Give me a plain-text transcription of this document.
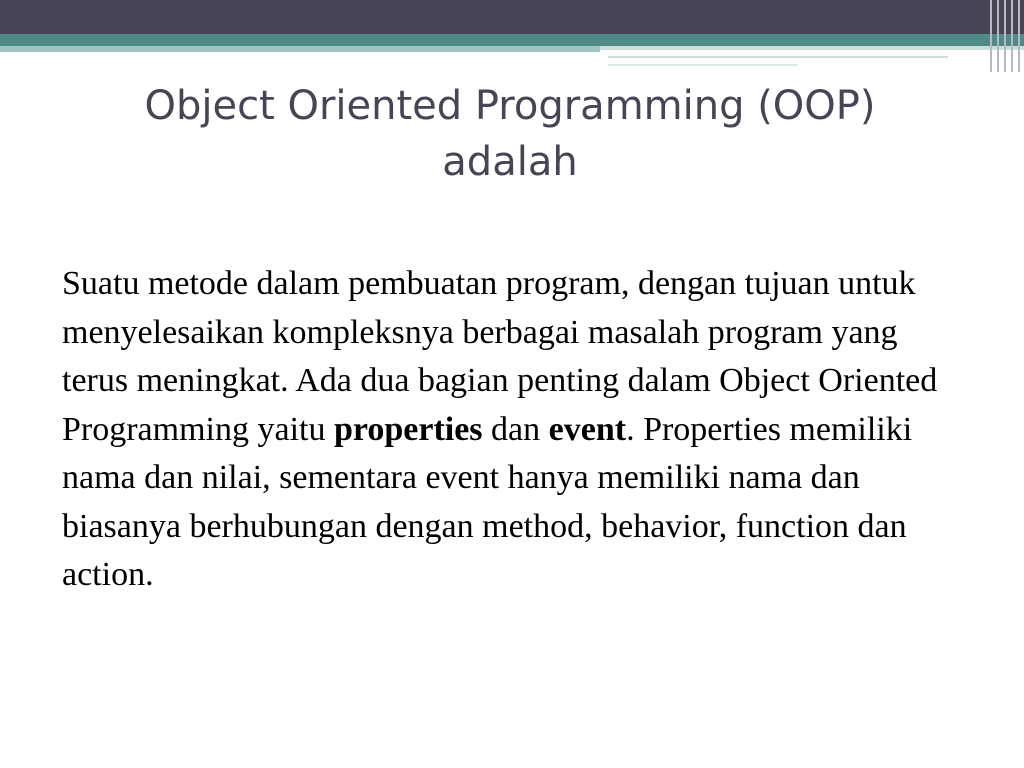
Object Oriented Programming (OOP)
adalah
Suatu metode dalam pembuatan program, dengan tujuan untuk menyelesaikan kompleksnya berbagai masalah program yang terus meningkat. Ada dua bagian penting dalam Object Oriented Programming yaitu properties dan event. Properties memiliki nama dan nilai, sementara event hanya memiliki nama dan biasanya berhubungan dengan method, behavior, function dan action.
